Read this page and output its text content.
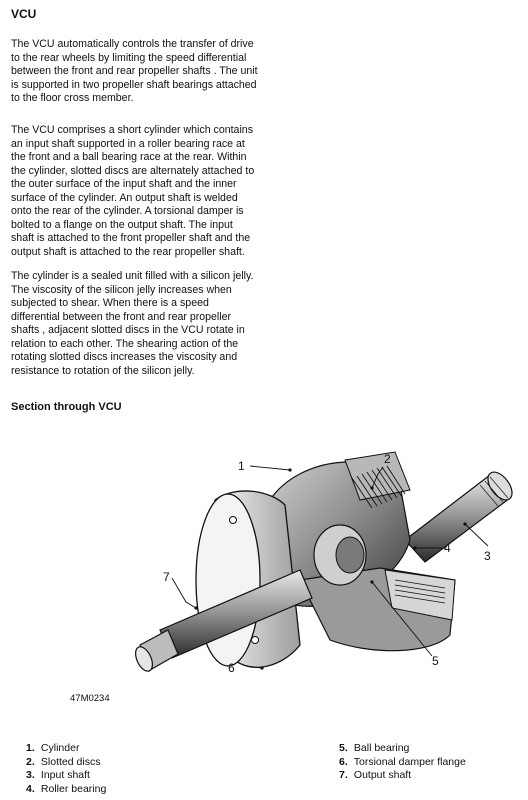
VCU

The VCU automatically controls the transfer of drive
to the rear wheels by limiting the speed differential
between the front and rear propeller shafts . The unit
is supported in two propeller shaft bearings attached
to the floor cross member.

The VCU comprises a short cylinder which contains
an input shaft supported in a roller bearing race at
the front and a ball bearing race at the rear. Within
the cylinder, slotted discs are alternately attached to
the outer surface of the input shaft and the inner
surface of the cylinder. An output shaft is welded
onto the rear of the cylinder. A torsional damper is
bolted to a flange on the output shaft. The input
shaft is attached to the front propeller shaft and the
output shaft is attached to the rear propeller shaft.

The cylinder is a sealed unit filled with a silicon jelly.
The viscosity of the silicon jelly increases when
subjected to shear. When there is a speed
differential between the front and rear propeller
shafts , adjacent slotted discs in the VCU rotate in
relation to each other. The shearing action of the
rotating slotted discs increases the viscosity and
resistance to rotation of the silicon jelly.

Section through VCU
1	2
3
4
5
6
7
47M0234
1. Cylinder
2. Slotted discs
3. Input shaft
4. Roller bearing
5. Ball bearing
6. Torsional damper flange
7. Output shaft
